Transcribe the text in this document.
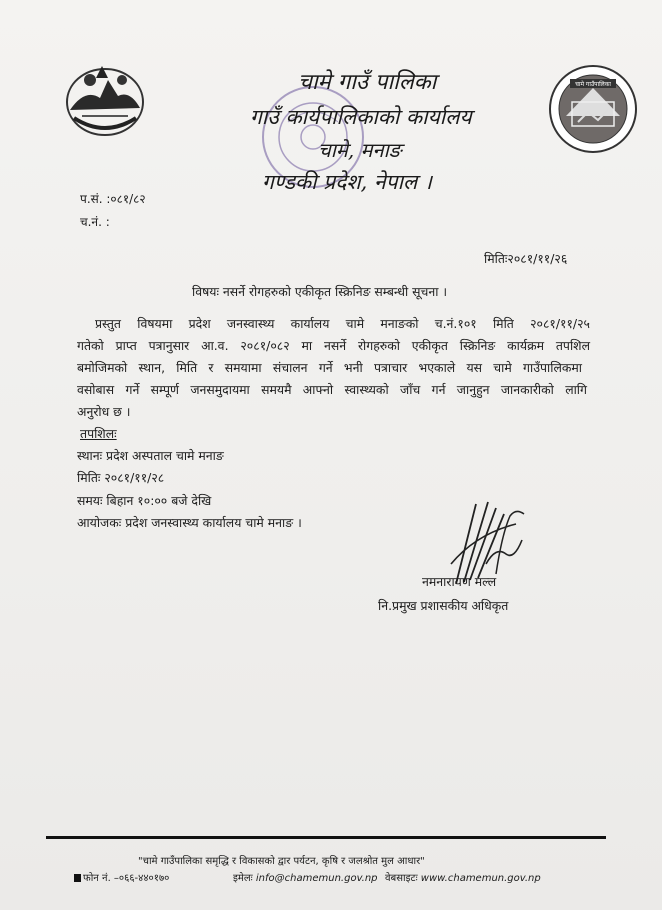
चामे गाउँपालिका
चामे गाउँ पालिका
गाउँ कार्यपालिकाको कार्यालय
चामे, मनाङ
गण्डकी प्रदेश, नेपाल ।
प.सं. :०८१/८२
च.नं. :
मितिः२०८१/११/२६
विषयः नसर्ने रोगहरुको एकीकृत स्क्रिनिङ सम्बन्धी सूचना ।
प्रस्तुत विषयमा प्रदेश जनस्वास्थ्य कार्यालय चामे मनाङको च.नं.१०१ मिति २०८१/११/२५
गतेको प्राप्त पत्रानुसार आ.व. २०८१/०८२ मा नसर्ने रोगहरुको एकीकृत स्क्रिनिङ कार्यक्रम तपशिल
बमोजिमको स्थान, मिति र समयामा संचालन गर्ने भनी पत्राचार भएकाले यस चामे गाउँपालिकमा
वसोबास गर्ने सम्पूर्ण जनसमुदायमा समयमै आफ्नो स्वास्थ्यको जाँच गर्न जानुहुन जानकारीको लागि
अनुरोध छ ।
तपशिलः
स्थानः प्रदेश अस्पताल चामे मनाङ
मितिः २०८१/११/२८
समयः बिहान १०:०० बजे देखि
आयोजकः प्रदेश जनस्वास्थ्य कार्यालय चामे मनाङ ।
नमनारायण मल्ल
नि.प्रमुख प्रशासकीय अधिकृत
"चामे गाउँपालिका समृद्धि र विकासको द्वार पर्यटन, कृषि र जलश्रोत मुल आधार"
फोन नं. –०६६-४४०१७०	इमेलः info@chamemun.gov.np वेबसाइटः www.chamemun.gov.np
